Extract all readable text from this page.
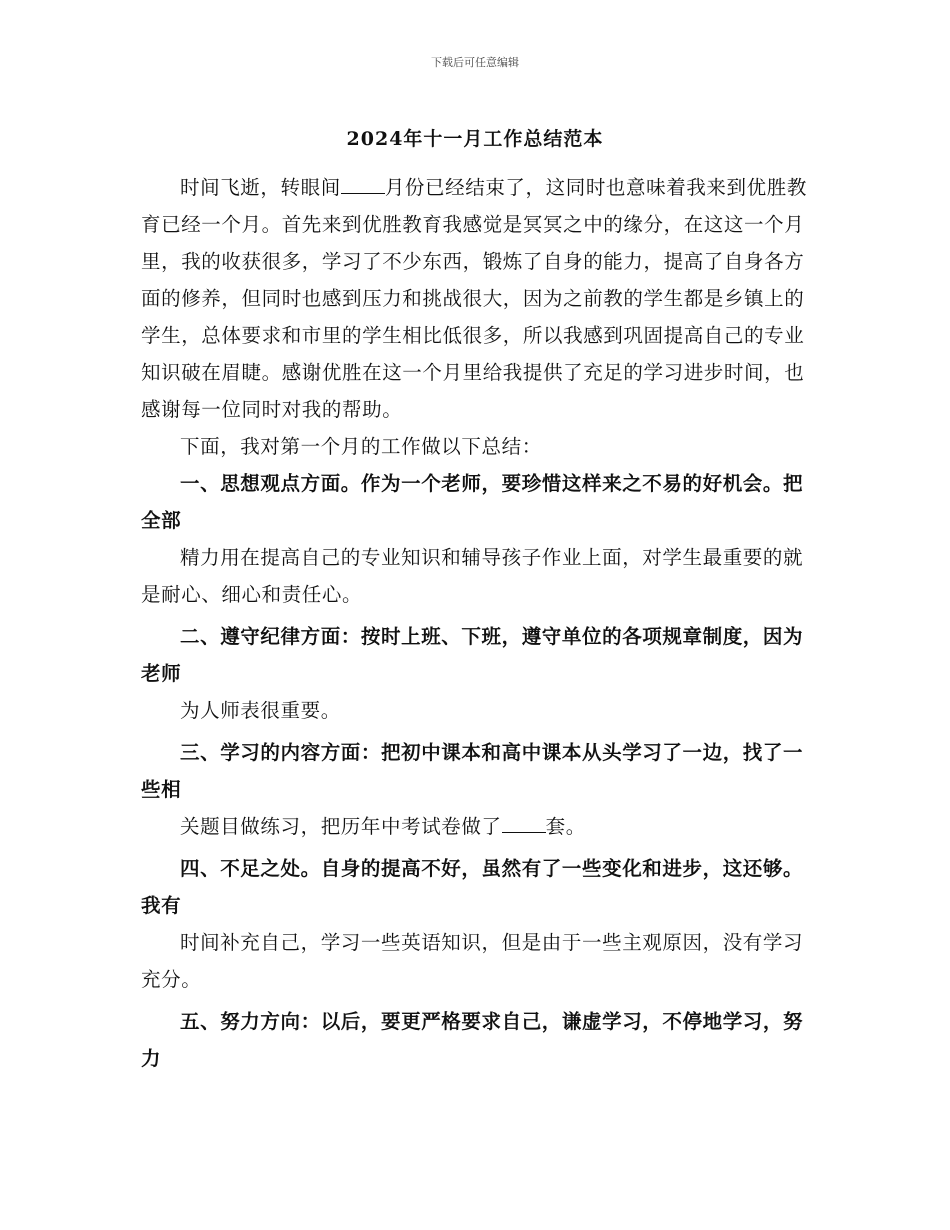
下载后可任意编辑
2024年十一月工作总结范本

时间飞逝，转眼间 月份已经结束了，这同时也意味着我来到优胜教育已经一个月。首先来到优胜教育我感觉是冥冥之中的缘分，在这这一个月里，我的收获很多，学习了不少东西，锻炼了自身的能力，提高了自身各方面的修养，但同时也感到压力和挑战很大，因为之前教的学生都是乡镇上的学生，总体要求和市里的学生相比低很多，所以我感到巩固提高自己的专业知识破在眉睫。感谢优胜在这一个月里给我提供了充足的学习进步时间，也感谢每一位同时对我的帮助。

下面，我对第一个月的工作做以下总结：

一、思想观点方面。作为一个老师，要珍惜这样来之不易的好机会。把全部

精力用在提高自己的专业知识和辅导孩子作业上面，对学生最重要的就是耐心、细心和责任心。

二、遵守纪律方面：按时上班、下班，遵守单位的各项规章制度，因为老师

为人师表很重要。

三、学习的内容方面：把初中课本和高中课本从头学习了一边，找了一些相

关题目做练习，把历年中考试卷做了 套。

四、不足之处。自身的提高不好，虽然有了一些变化和进步，这还够。我有

时间补充自己，学习一些英语知识，但是由于一些主观原因，没有学习充分。

五、努力方向：以后，要更严格要求自己，谦虚学习，不停地学习，努力
